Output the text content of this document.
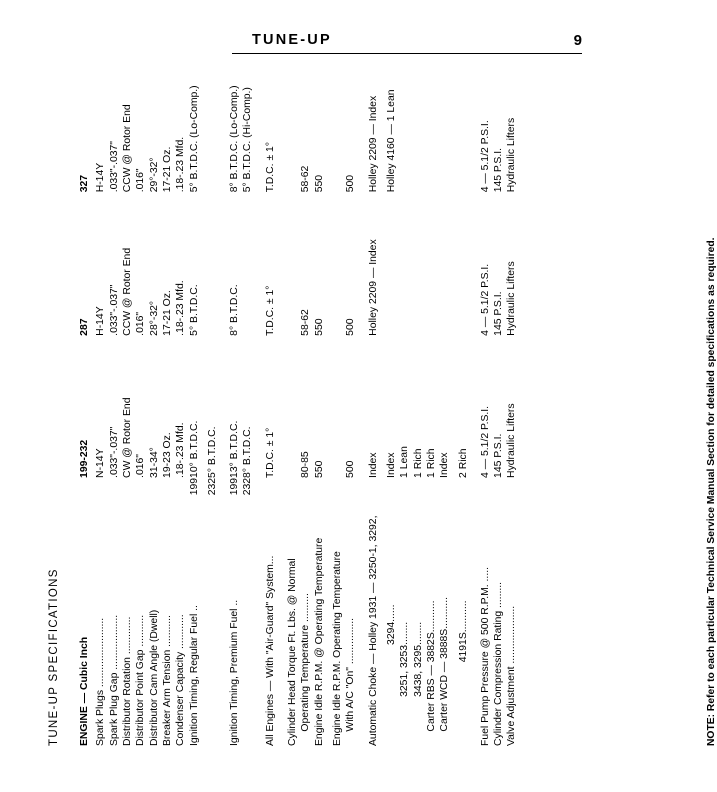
TUNE-UP	9
TUNE-UP SPECIFICATIONS ENGINE — Cubic Inch		199-232	287	327
Spark Plugs ........................		N-14Y	H-14Y	H-14Y
Spark Plug Gap ...................		.033"-.037"	.033"-.037"	.033"-.037"
Distributor Rotation .............		CW @ Rotor End	CCW @ Rotor End	CCW @ Rotor End
Distributor Point Gap ...........		.016"	.016"	.016"
Distributor Cam Angle (Dwell)		31-34°	28°-32°	29°-32°
Breaker Arm Tension ...........		19-23 Oz.	17-21 Oz.	17-21 Oz.
Condenser Capacity ............		.18-.23 Mfd.	.18-.23 Mfd.	.18-.23 Mfd.
Ignition Timing, Regular Fuel ..	199	10° B.T.D.C.	5° B.T.D.C.	5° B.T.D.C. (Lo-Comp.)

	232	5° B.T.D.C.		

Ignition Timing, Premium Fuel ..	199	13° B.T.D.C.	8° B.T.D.C.	8° B.T.D.C. (Lo-Comp.)
	232	8° B.T.D.C.		5° B.T.D.C. (Hi-Comp.)

All Engines — With "Air-Guard" System...		T.D.C. ± 1°	T.D.C. ± 1°	T.D.C. ± 1°

Cylinder Head Torque Ft. Lbs. @ Normal				
Operating Temperature ..........		80-85	58-62	58-62
Engine Idle R.P.M. @ Operating Temperature		550	550	550

Engine Idle R.P.M. Operating Temperature				
With A/C "On" ................		500	500	500

Automatic Choke — Holley 1931 — 3250-1, 3292,		Index	Holley 2209 — Index	Holley 2209 — Index

3294......		Index		Holley 4160 — 1 Lean
3251, 3253........		1 Lean		
3438, 3295........		1 Rich		
Carter RBS — 3882S...........		1 Rich		
Carter WCD — 3888S...........		Index		

4191S...........		2 Rich		

Fuel Pump Pressure @ 500 R.P.M. .....		4 — 5.1/2 P.S.I.	4 — 5.1/2 P.S.I.	4 — 5.1/2 P.S.I.
Cylinder Compression Rating .........		145 P.S.I.	145 P.S.I.	145 P.S.I.
Valve Adjustment ....................		Hydraulic Lifters	Hydraulic Lifters	Hydraulic Lifters
NOTE: Refer to each particular Technical Service Manual Section for detailed specifications as required.
